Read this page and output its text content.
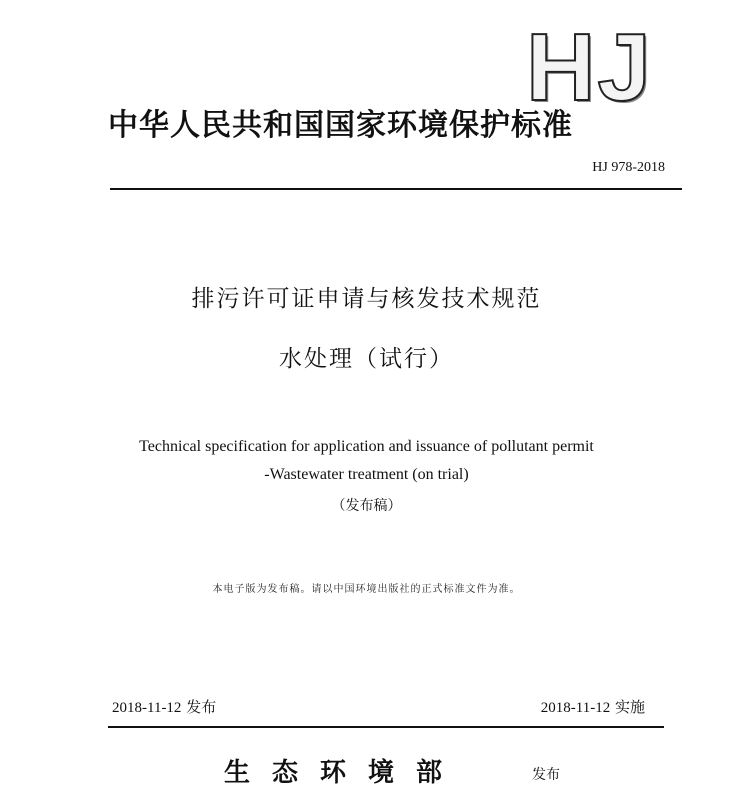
HJ
中华人民共和国国家环境保护标准
HJ 978-2018
排污许可证申请与核发技术规范
水处理（试行）
Technical specification for application and issuance of pollutant permit
-Wastewater treatment (on trial)
（发布稿）
本电子版为发布稿。请以中国环境出版社的正式标准文件为准。
2018-11-12 发布	2018-11-12 实施
生态环境部	发布
